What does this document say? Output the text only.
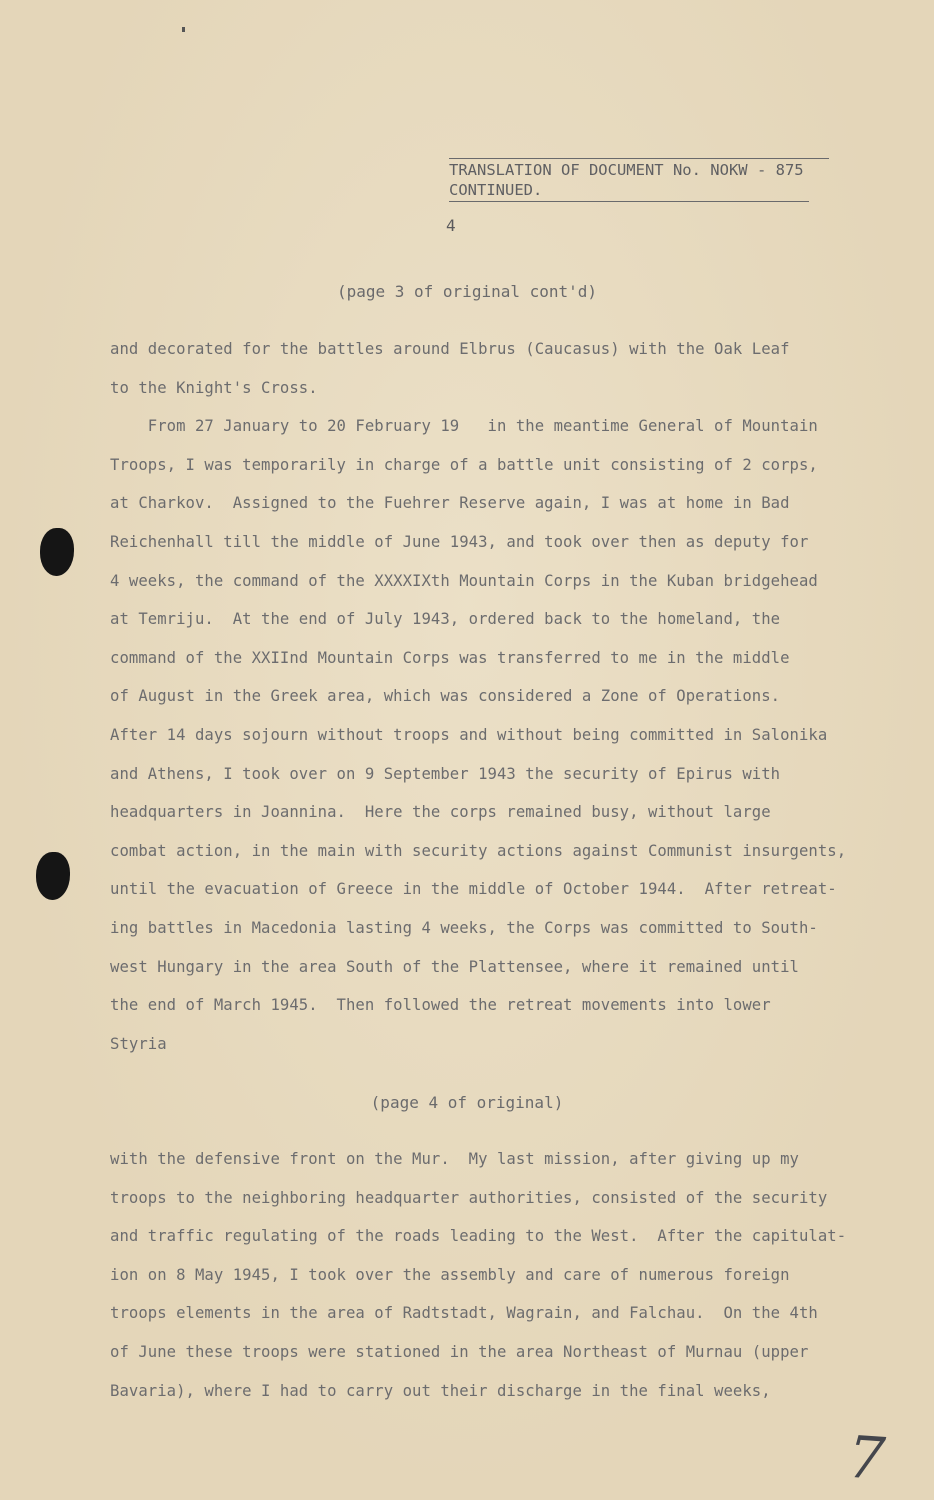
TRANSLATION OF DOCUMENT No. NOKW - 875
CONTINUED.
4
(page 3 of original cont'd)
and decorated for the battles around Elbrus (Caucasus) with the Oak Leaf
to the Knight's Cross.
From 27 January to 20 February 19   in the meantime General of Mountain
Troops, I was temporarily in charge of a battle unit consisting of 2 corps,
at Charkov.  Assigned to the Fuehrer Reserve again, I was at home in Bad
Reichenhall till the middle of June 1943, and took over then as deputy for
4 weeks, the command of the XXXXIXth Mountain Corps in the Kuban bridgehead
at Temriju.  At the end of July 1943, ordered back to the homeland, the
command of the XXIInd Mountain Corps was transferred to me in the middle
of August in the Greek area, which was considered a Zone of Operations.
After 14 days sojourn without troops and without being committed in Salonika
and Athens, I took over on 9 September 1943 the security of Epirus with
headquarters in Joannina.  Here the corps remained busy, without large
combat action, in the main with security actions against Communist insurgents,
until the evacuation of Greece in the middle of October 1944.  After retreat-
ing battles in Macedonia lasting 4 weeks, the Corps was committed to South-
west Hungary in the area South of the Plattensee, where it remained until
the end of March 1945.  Then followed the retreat movements into lower
Styria
(page 4 of original)
with the defensive front on the Mur.  My last mission, after giving up my
troops to the neighboring headquarter authorities, consisted of the security
and traffic regulating of the roads leading to the West.  After the capitulat-
ion on 8 May 1945, I took over the assembly and care of numerous foreign
troops elements in the area of Radtstadt, Wagrain, and Falchau.  On the 4th
of June these troops were stationed in the area Northeast of Murnau (upper
Bavaria), where I had to carry out their discharge in the final weeks,
7
